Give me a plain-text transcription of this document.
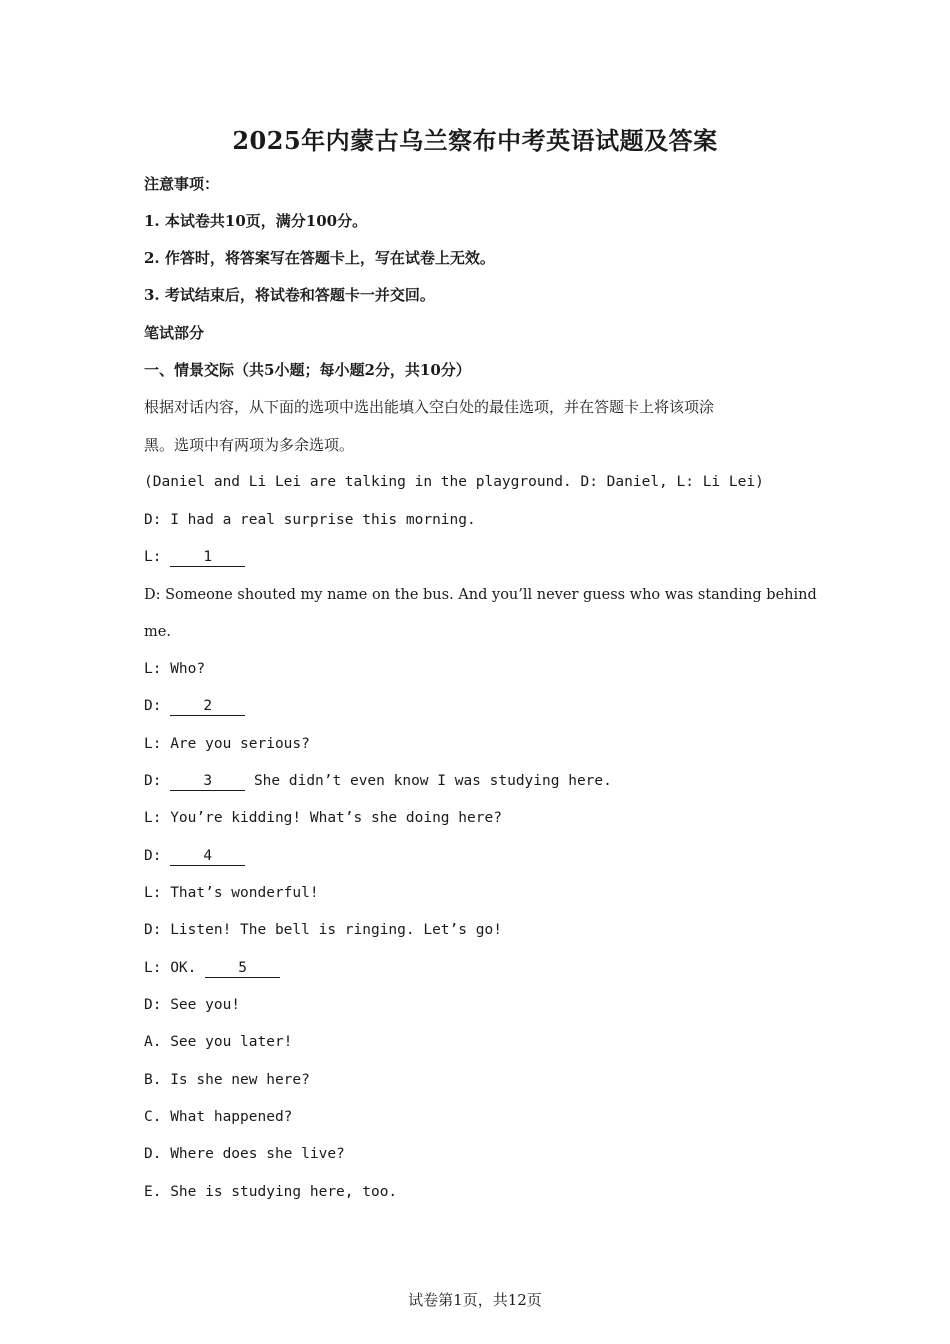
2025年内蒙古乌兰察布中考英语试题及答案
注意事项：
1. 本试卷共10页，满分100分。
2. 作答时，将答案写在答题卡上，写在试卷上无效。
3. 考试结束后，将试卷和答题卡一并交回。
笔试部分
一、情景交际（共5小题；每小题2分，共10分）
根据对话内容，从下面的选项中选出能填入空白处的最佳选项，并在答题卡上将该项涂
黑。选项中有两项为多余选项。
(Daniel and Li Lei are talking in the playground. D: Daniel, L: Li Lei)
D: I had a real surprise this morning.
L:	1
D: Someone shouted my name on the bus. And you’ll never guess who was standing behind
me.
L: Who?
D:	2
L: Are you serious?
D:	3	She didn’t even know I was studying here.
L: You’re kidding! What’s she doing here?
D:	4
L: That’s wonderful!
D: Listen! The bell is ringing. Let’s go!
L: OK.	5
D: See you!
A. See you later!
B. Is she new here?
C. What happened?
D. Where does she live?
E. She is studying here, too.
试卷第1页，共12页
